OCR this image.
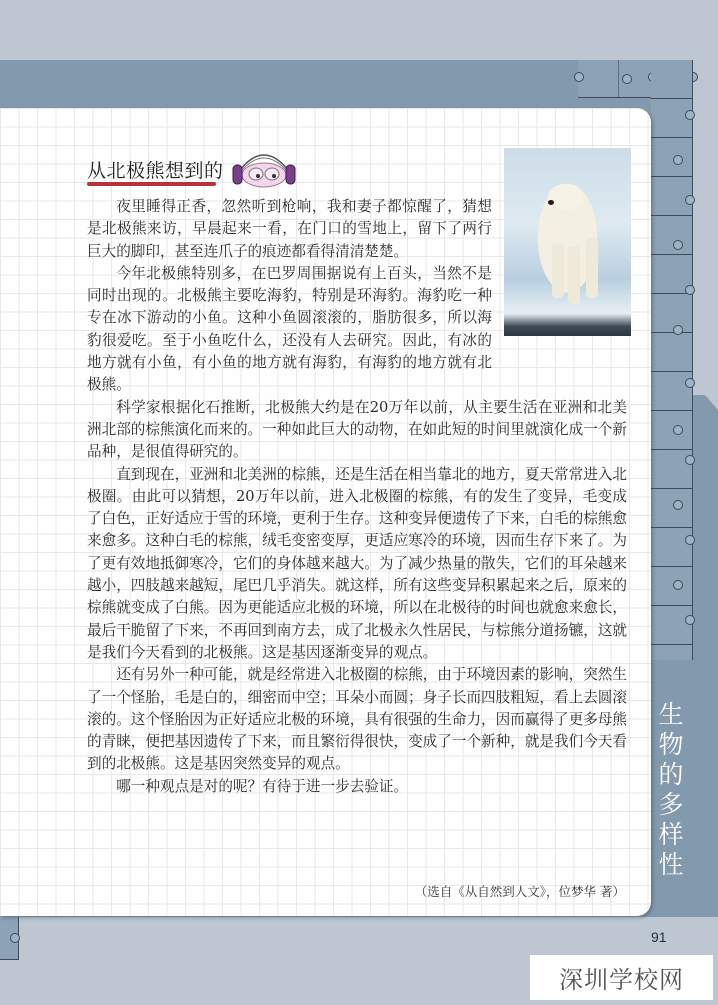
从北极熊想到的

夜里睡得正香，忽然听到枪响，我和妻子都惊醒了，猜想是北极熊来访，早晨起来一看，在门口的雪地上，留下了两行巨大的脚印，甚至连爪子的痕迹都看得清清楚楚。

今年北极熊特别多，在巴罗周围据说有上百头，当然不是同时出现的。北极熊主要吃海豹，特别是环海豹。海豹吃一种专在冰下游动的小鱼。这种小鱼圆滚滚的，脂肪很多，所以海豹很爱吃。至于小鱼吃什么，还没有人去研究。因此，有冰的地方就有小鱼，有小鱼的地方就有海豹，有海豹的地方就有北极熊。

科学家根据化石推断，北极熊大约是在20万年以前，从主要生活在亚洲和北美洲北部的棕熊演化而来的。一种如此巨大的动物，在如此短的时间里就演化成一个新品种，是很值得研究的。

直到现在，亚洲和北美洲的棕熊，还是生活在相当靠北的地方，夏天常常进入北极圈。由此可以猜想，20万年以前，进入北极圈的棕熊，有的发生了变异，毛变成了白色，正好适应于雪的环境，更利于生存。这种变异便遗传了下来，白毛的棕熊愈来愈多。这种白毛的棕熊，绒毛变密变厚，更适应寒冷的环境，因而生存下来了。为了更有效地抵御寒冷，它们的身体越来越大。为了减少热量的散失，它们的耳朵越来越小，四肢越来越短，尾巴几乎消失。就这样，所有这些变异积累起来之后，原来的棕熊就变成了白熊。因为更能适应北极的环境，所以在北极待的时间也就愈来愈长，最后干脆留了下来，不再回到南方去，成了北极永久性居民，与棕熊分道扬镳，这就是我们今天看到的北极熊。这是基因逐渐变异的观点。

还有另外一种可能，就是经常进入北极圈的棕熊，由于环境因素的影响，突然生了一个怪胎，毛是白的，细密而中空；耳朵小而圆；身子长而四肢粗短，看上去圆滚滚的。这个怪胎因为正好适应北极的环境，具有很强的生命力，因而赢得了更多母熊的青睐，便把基因遗传了下来，而且繁衍得很快，变成了一个新种，就是我们今天看到的北极熊。这是基因突然变异的观点。

哪一种观点是对的呢？有待于进一步去验证。

（选自《从自然到人文》，位梦华 著）
生物的多样性
91
深圳学校网
